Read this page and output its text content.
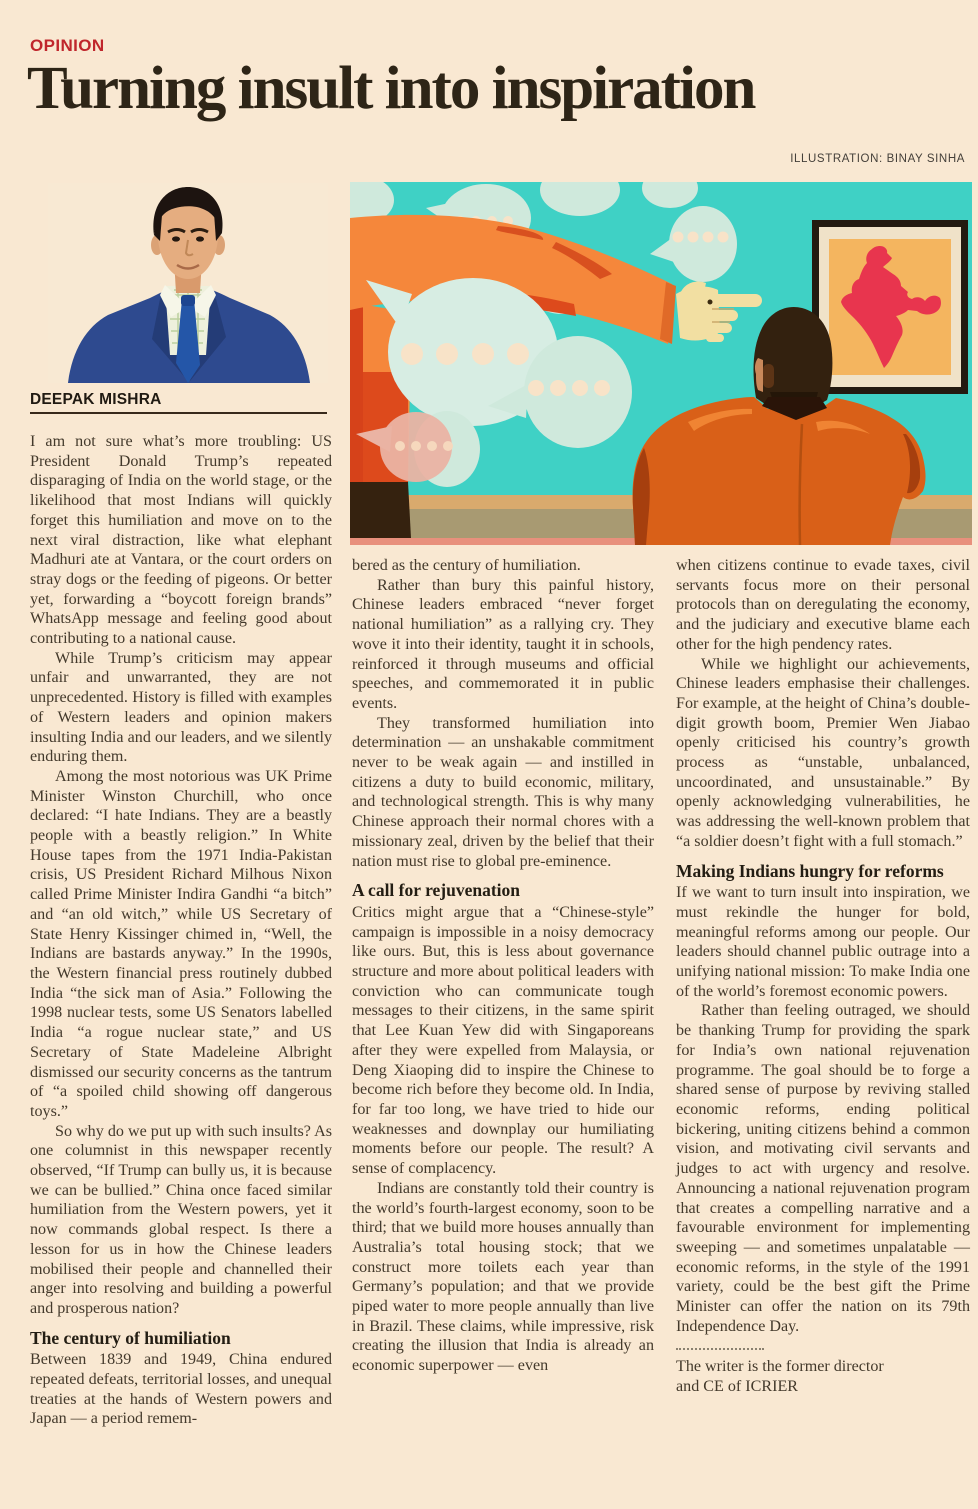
OPINION
Turning insult into inspiration
ILLUSTRATION: BINAY SINHA
DEEPAK MISHRA

I am not sure what’s more troubling: US President Donald Trump’s repeated disparaging of India on the world stage, or the likelihood that most Indians will quickly forget this humiliation and move on to the next viral distraction, like what elephant Madhuri ate at Vantara, or the court orders on stray dogs or the feeding of pigeons. Or better yet, forwarding a “boycott foreign brands” WhatsApp message and feeling good about contributing to a national cause.

While Trump’s criticism may appear unfair and unwarranted, they are not unprecedented. History is filled with examples of Western leaders and opinion makers insulting India and our leaders, and we silently enduring them.

Among the most notorious was UK Prime Minister Winston Churchill, who once declared: “I hate Indians. They are a beastly people with a beastly religion.” In White House tapes from the 1971 India-Pakistan crisis, US President Richard Milhous Nixon called Prime Minister Indira Gandhi “a bitch” and “an old witch,” while US Secretary of State Henry Kissinger chimed in, “Well, the Indians are bastards anyway.” In the 1990s, the Western financial press routinely dubbed India “the sick man of Asia.” Following the 1998 nuclear tests, some US Senators labelled India “a rogue nuclear state,” and US Secretary of State Madeleine Albright dismissed our security concerns as the tantrum of “a spoiled child showing off dangerous toys.”

So why do we put up with such insults? As one columnist in this newspaper recently observed, “If Trump can bully us, it is because we can be bullied.” China once faced similar humiliation from the Western powers, yet it now commands global respect. Is there a lesson for us in how the Chinese leaders mobilised their people and channelled their anger into resolving and building a powerful and prosperous nation?

The century of humiliation

Between 1839 and 1949, China endured repeated defeats, territorial losses, and unequal treaties at the hands of Western powers and Japan — a period remem-

bered as the century of humiliation.

Rather than bury this painful history, Chinese leaders embraced “never forget national humiliation” as a rallying cry. They wove it into their identity, taught it in schools, reinforced it through museums and official speeches, and commemorated it in public events.

They transformed humiliation into determination — an unshakable commitment never to be weak again — and instilled in citizens a duty to build economic, military, and technological strength. This is why many Chinese approach their normal chores with a missionary zeal, driven by the belief that their nation must rise to global pre-eminence.

A call for rejuvenation

Critics might argue that a “Chinese-style” campaign is impossible in a noisy democracy like ours. But, this is less about governance structure and more about political leaders with conviction who can communicate tough messages to their citizens, in the same spirit that Lee Kuan Yew did with Singaporeans after they were expelled from Malaysia, or Deng Xiaoping did to inspire the Chinese to become rich before they become old. In India, for far too long, we have tried to hide our weaknesses and downplay our humiliating moments before our people. The result? A sense of complacency.

Indians are constantly told their country is the world’s fourth-largest economy, soon to be third; that we build more houses annually than Australia’s total housing stock; that we construct more toilets each year than Germany’s population; and that we provide piped water to more people annually than live in Brazil. These claims, while impressive, risk creating the illusion that India is already an economic superpower — even

when citizens continue to evade taxes, civil servants focus more on their personal protocols than on deregulating the economy, and the judiciary and executive blame each other for the high pendency rates.

While we highlight our achievements, Chinese leaders emphasise their challenges. For example, at the height of China’s double-digit growth boom, Premier Wen Jiabao openly criticised his country’s growth process as “unstable, unbalanced, uncoordinated, and unsustainable.” By openly acknowledging vulnerabilities, he was addressing the well-known problem that “a soldier doesn’t fight with a full stomach.”

Making Indians hungry for reforms

If we want to turn insult into inspiration, we must rekindle the hunger for bold, meaningful reforms among our people. Our leaders should channel public outrage into a unifying national mission: To make India one of the world’s foremost economic powers.

Rather than feeling outraged, we should be thanking Trump for providing the spark for India’s own national rejuvenation programme. The goal should be to forge a shared sense of purpose by reviving stalled economic reforms, ending political bickering, uniting citizens behind a common vision, and motivating civil servants and judges to act with urgency and resolve. Announcing a national rejuvenation program that creates a compelling narrative and a favourable environment for implementing sweeping — and sometimes unpalatable — economic reforms, in the style of the 1991 variety, could be the best gift the Prime Minister can offer the nation on its 79th Independence Day.

The writer is the former director
and CE of ICRIER
